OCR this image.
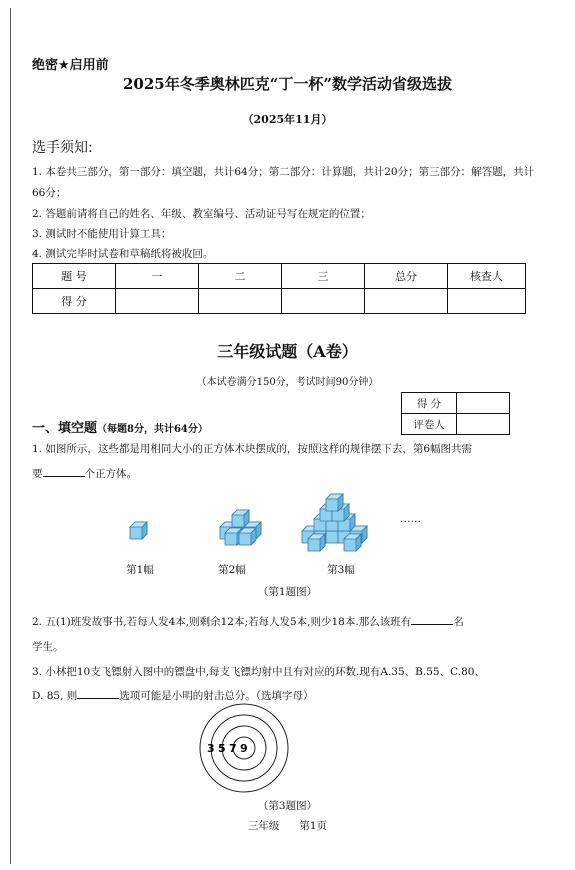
绝密★启用前
2025年冬季奥林匹克“丁一杯”数学活动省级选拔
（2025年11月）
选手须知:
1. 本卷共三部分，第一部分：填空题，共计64分；第二部分：计算题，共计20分；第三部分：解答题，共计66分；
2. 答题前请将自己的姓名、年级、教室编号、活动证号写在规定的位置；
3. 测试时不能使用计算工具；
4. 测试完毕时试卷和草稿纸将被收回。
题 号	一	二	三	总分	核查人
得 分					
三年级试题（A卷）
（本试卷满分150分，考试时间90分钟）
得 分	
评卷人	
一、填空题（每题8分，共计64分）
1. 如图所示，这些都是用相同大小的正方体木块摆成的，按照这样的规律摆下去，第6幅图共需
要	个正方体。
……
第1幅	第2幅	第3幅
（第1题图）
2. 五(1)班发故事书,若每人发4本,则剩余12本;若每人发5本,则少18本.那么该班有	名
学生。
3. 小林把10支飞镖射入图中的镖盘中,每支飞镖均射中且有对应的环数.现有A.35、B.55、C.80、
D. 85, 则	选项可能是小明的射击总分。（选填字母）
3 5 7 9
（第3题图）
三年级 第1页
